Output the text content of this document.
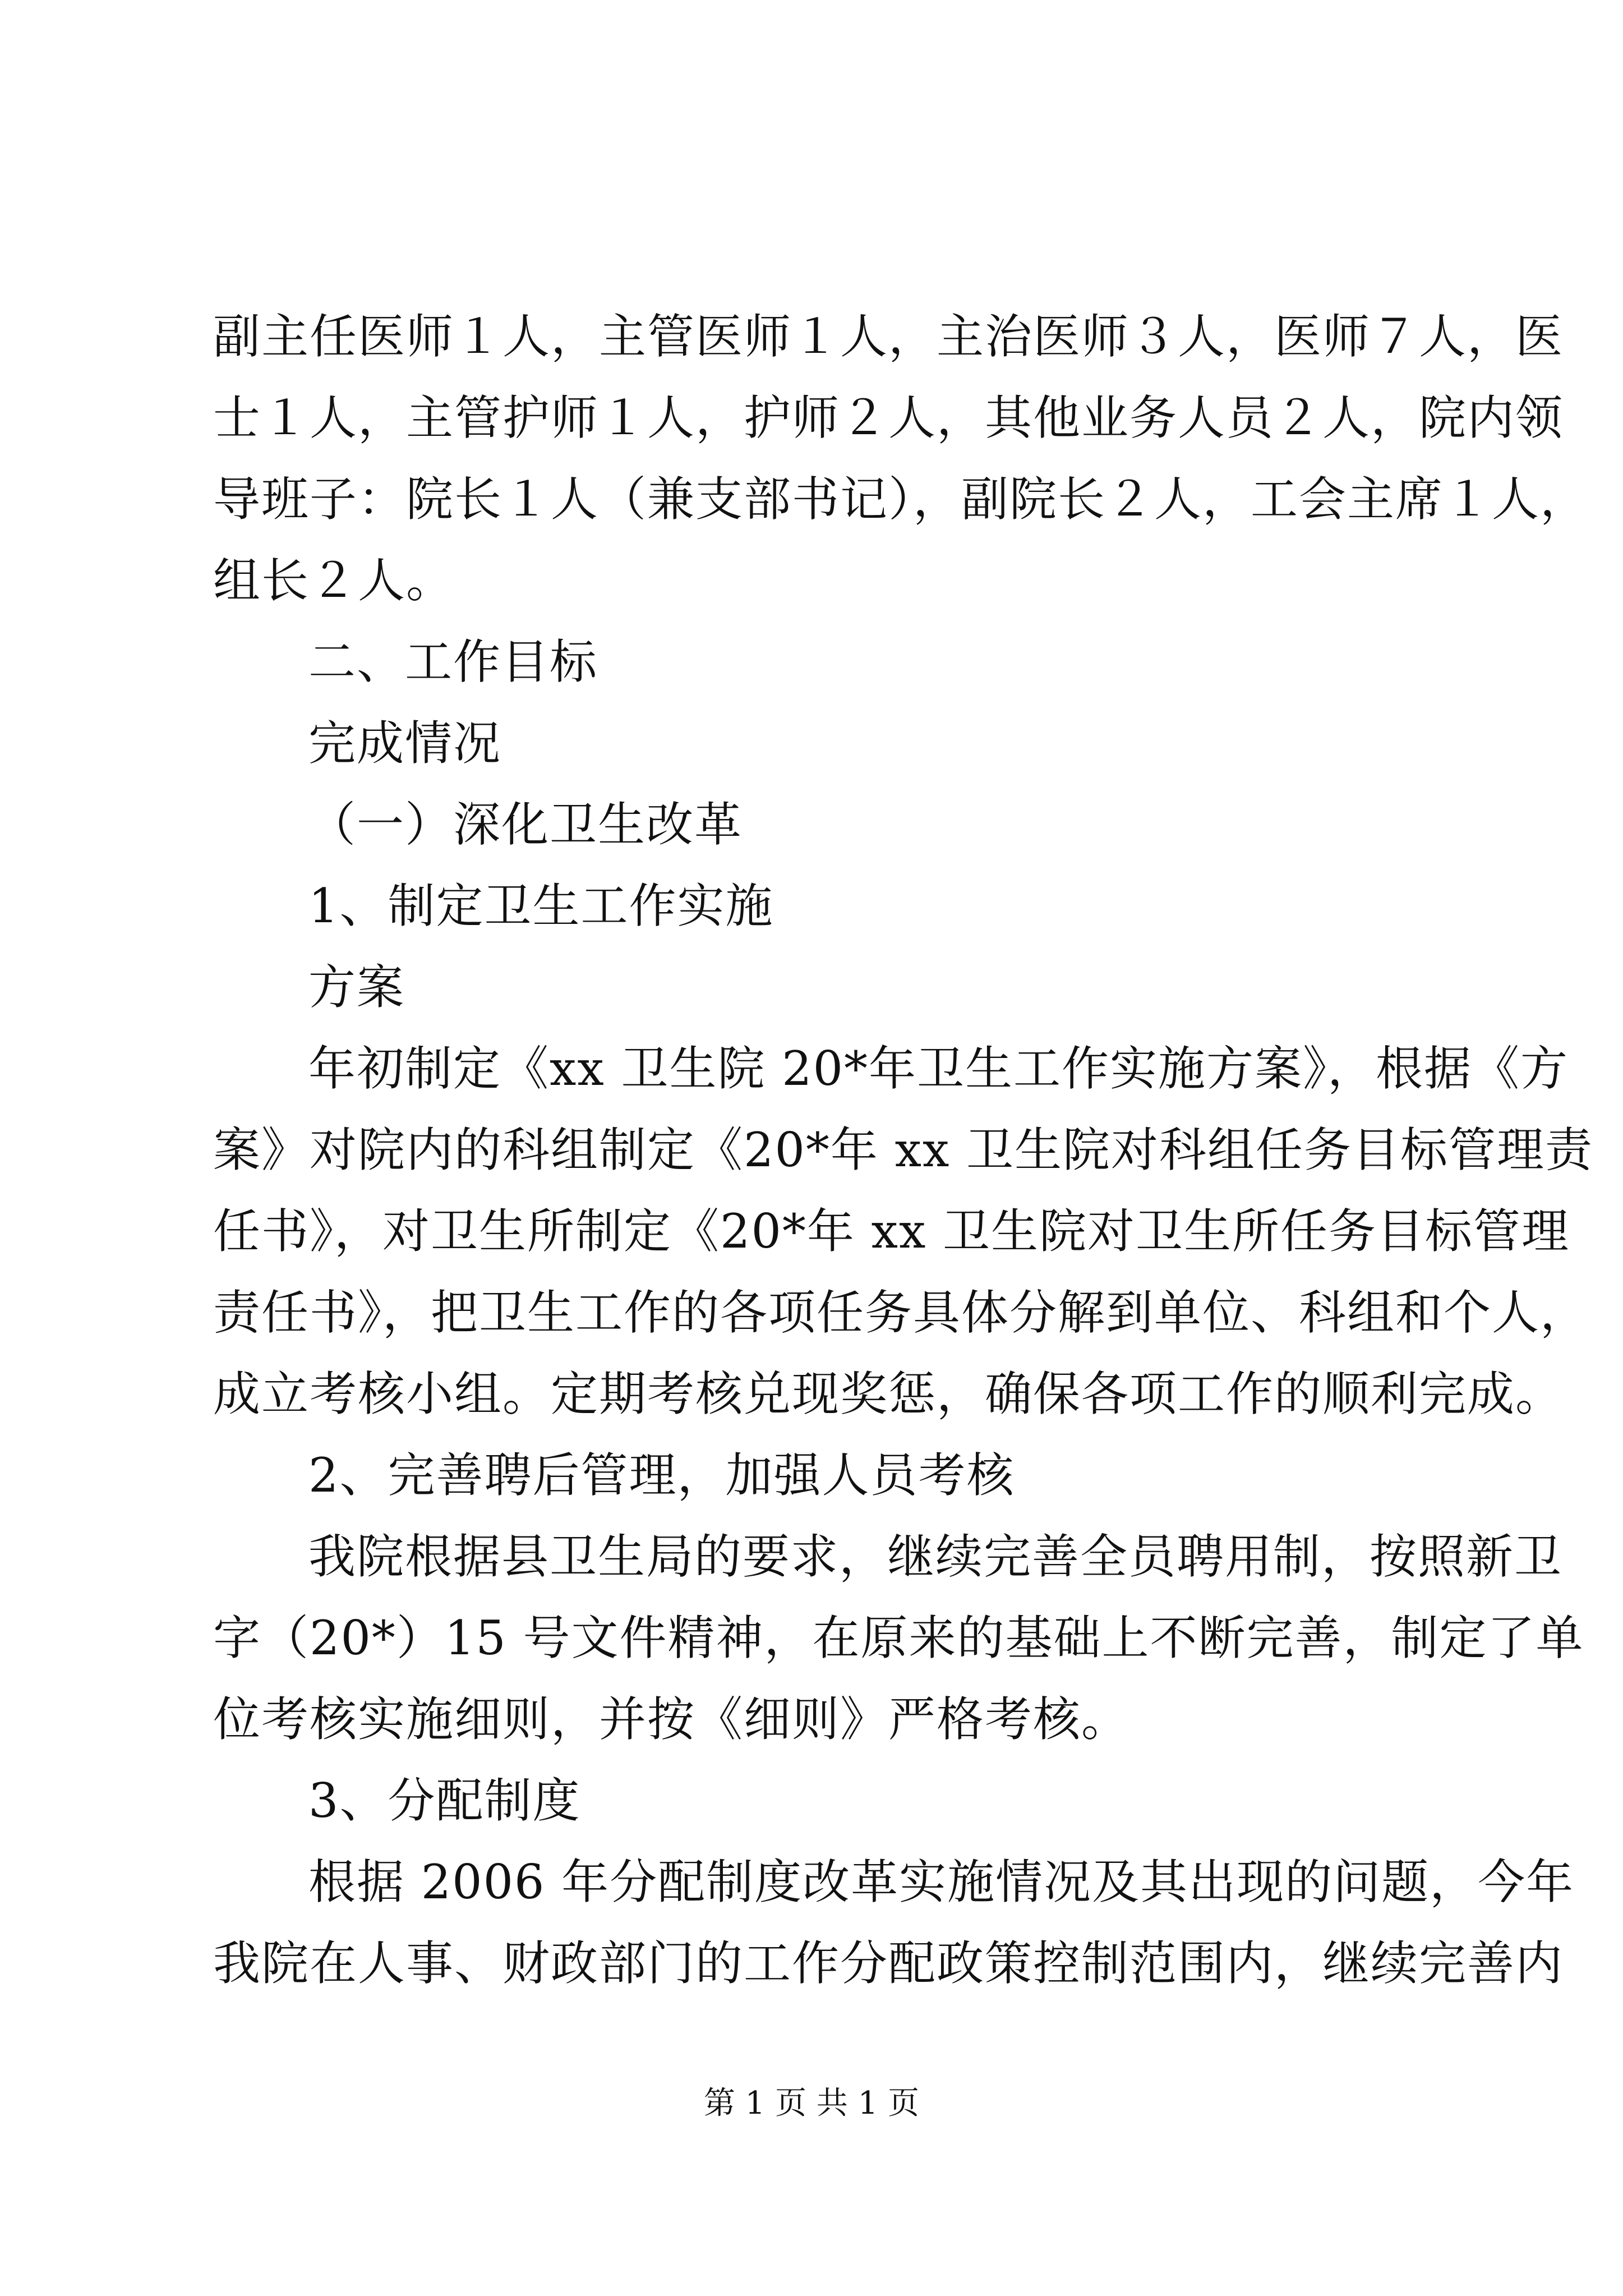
副主任医师１人，主管医师１人，主治医师３人，医师７人，医
士１人，主管护师１人，护师２人，其他业务人员２人，院内领
导班子：院长１人（兼支部书记），副院长２人，工会主席１人，
组长２人。
二、工作目标
完成情况
（一）深化卫生改革
1、制定卫生工作实施
方案
年初制定《xx 卫生院 20*年卫生工作实施方案》，根据《方
案》对院内的科组制定《20*年 xx 卫生院对科组任务目标管理责
任书》，对卫生所制定《20*年 xx 卫生院对卫生所任务目标管理
责任书》，把卫生工作的各项任务具体分解到单位、科组和个人，
成立考核小组。定期考核兑现奖惩，确保各项工作的顺利完成。
2、完善聘后管理，加强人员考核
我院根据县卫生局的要求，继续完善全员聘用制，按照新卫
字（20*）15 号文件精神，在原来的基础上不断完善，制定了单
位考核实施细则，并按《细则》严格考核。
3、分配制度
根据 2006 年分配制度改革实施情况及其出现的问题，今年
我院在人事、财政部门的工作分配政策控制范围内，继续完善内
第 1 页 共 1 页
